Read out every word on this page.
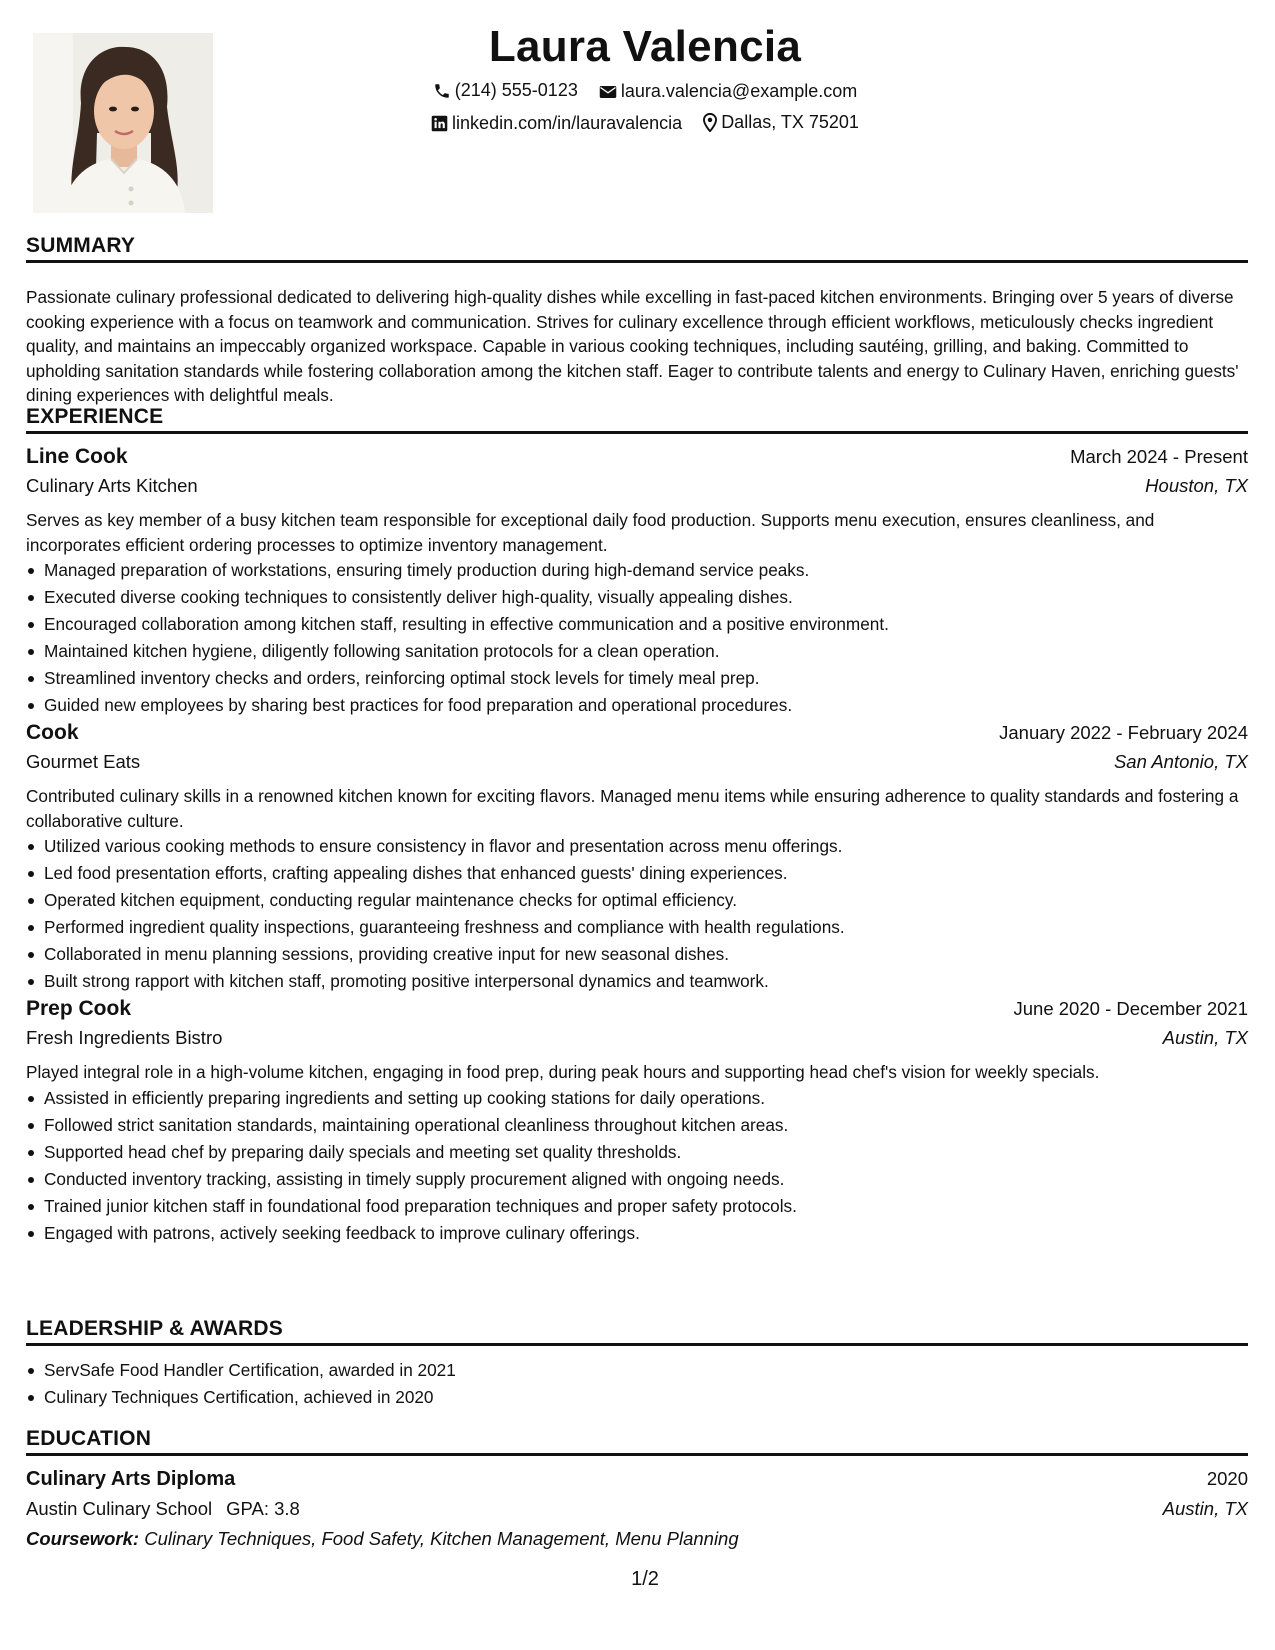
Laura Valencia
(214) 555-0123
laura.valencia@example.com
linkedin.com/in/lauravalencia
Dallas, TX 75201
SUMMARY
Passionate culinary professional dedicated to delivering high-quality dishes while excelling in fast-paced kitchen environments. Bringing over 5 years of diverse cooking experience with a focus on teamwork and communication. Strives for culinary excellence through efficient workflows, meticulously checks ingredient quality, and maintains an impeccably organized workspace. Capable in various cooking techniques, including sautéing, grilling, and baking. Committed to upholding sanitation standards while fostering collaboration among the kitchen staff. Eager to contribute talents and energy to Culinary Haven, enriching guests' dining experiences with delightful meals.
EXPERIENCE
Line Cook	March 2024 - Present
Culinary Arts Kitchen	Houston, TX
Serves as key member of a busy kitchen team responsible for exceptional daily food production. Supports menu execution, ensures cleanliness, and incorporates efficient ordering processes to optimize inventory management.
Managed preparation of workstations, ensuring timely production during high-demand service peaks.
Executed diverse cooking techniques to consistently deliver high-quality, visually appealing dishes.
Encouraged collaboration among kitchen staff, resulting in effective communication and a positive environment.
Maintained kitchen hygiene, diligently following sanitation protocols for a clean operation.
Streamlined inventory checks and orders, reinforcing optimal stock levels for timely meal prep.
Guided new employees by sharing best practices for food preparation and operational procedures.
Cook	January 2022 - February 2024
Gourmet Eats	San Antonio, TX
Contributed culinary skills in a renowned kitchen known for exciting flavors. Managed menu items while ensuring adherence to quality standards and fostering a collaborative culture.
Utilized various cooking methods to ensure consistency in flavor and presentation across menu offerings.
Led food presentation efforts, crafting appealing dishes that enhanced guests' dining experiences.
Operated kitchen equipment, conducting regular maintenance checks for optimal efficiency.
Performed ingredient quality inspections, guaranteeing freshness and compliance with health regulations.
Collaborated in menu planning sessions, providing creative input for new seasonal dishes.
Built strong rapport with kitchen staff, promoting positive interpersonal dynamics and teamwork.
Prep Cook	June 2020 - December 2021
Fresh Ingredients Bistro	Austin, TX
Played integral role in a high-volume kitchen, engaging in food prep, during peak hours and supporting head chef's vision for weekly specials.
Assisted in efficiently preparing ingredients and setting up cooking stations for daily operations.
Followed strict sanitation standards, maintaining operational cleanliness throughout kitchen areas.
Supported head chef by preparing daily specials and meeting set quality thresholds.
Conducted inventory tracking, assisting in timely supply procurement aligned with ongoing needs.
Trained junior kitchen staff in foundational food preparation techniques and proper safety protocols.
Engaged with patrons, actively seeking feedback to improve culinary offerings.
LEADERSHIP & AWARDS
ServSafe Food Handler Certification, awarded in 2021
Culinary Techniques Certification, achieved in 2020
EDUCATION
Culinary Arts Diploma	2020
Austin Culinary School GPA: 3.8	Austin, TX
Coursework: Culinary Techniques, Food Safety, Kitchen Management, Menu Planning
1/2
